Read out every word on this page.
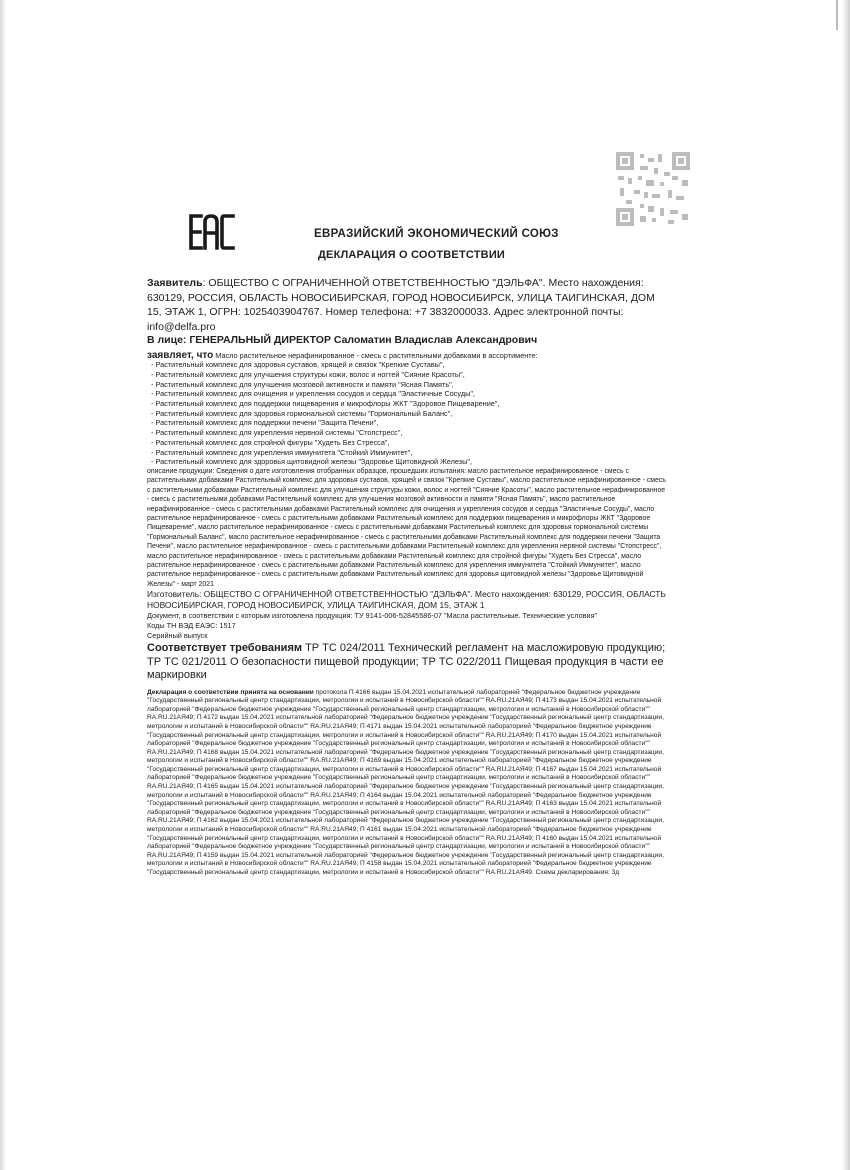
ЕВРАЗИЙСКИЙ ЭКОНОМИЧЕСКИЙ СОЮЗ
ДЕКЛАРАЦИЯ О СООТВЕТСТВИИ

Заявитель: ОБЩЕСТВО С ОГРАНИЧЕННОЙ ОТВЕТСТВЕННОСТЬЮ "ДЭЛЬФА". Место нахождения: 630129, РОССИЯ, ОБЛАСТЬ НОВОСИБИРСКАЯ, ГОРОД НОВОСИБИРСК, УЛИЦА ТАИГИНСКАЯ, ДОМ 15, ЭТАЖ 1, ОГРН: 1025403904767. Номер телефона: +7 3832000033. Адрес электронной почты: info@delfa.pro

В лице: ГЕНЕРАЛЬНЫЙ ДИРЕКТОР Саломатин Владислав Александрович

заявляет, что Масло растительное нерафинированное - смесь с растительными добавками в ассортименте:

- Растительный комплекс для здоровья суставов, хрящей и связок "Крепкие Суставы",

- Растительный комплекс для улучшения структуры кожи, волос и ногтей "Сияние Красоты",

- Растительный комплекс для улучшения мозговой активности и памяти "Ясная Память",

- Растительный комплекс для очищения и укрепления сосудов и сердца "Эластичные Сосуды",

- Растительный комплекс для поддержки пищеварения и микрофлоры ЖКТ "Здоровое Пищеварение",

- Растительный комплекс для здоровья гормональной системы "Гормональный Баланс",

- Растительный комплекс для поддержки печени "Защита Печени",

- Растительный комплекс для укрепления нервной системы "Стопстресс",

- Растительный комплекс для стройной фигуры "Худеть Без Стресса",

- Растительный комплекс для укрепления иммунитета "Стойкий Иммунитет",

- Растительный комплекс для здоровья щитовидной железы "Здоровье Щитовидной Железы",

описание продукции: Сведения о дате изготовления отобранных образцов, прошедших испытания: масло растительное нерафинированное - смесь с растительными добавками Растительный комплекс для здоровья суставов, хрящей и связок "Крепкие Суставы", масло растительное нерафинированное - смесь с растительными добавками Растительный комплекс для улучшения структуры кожи, волос и ногтей "Сияние Красоты", масло растительное нерафинированное - смесь с растительными добавками Растительный комплекс для улучшения мозговой активности и памяти "Ясная Память", масло растительное нерафинированное - смесь с растительными добавками Растительный комплекс для очищения и укрепления сосудов и сердца "Эластичные Сосуды", масло растительное нерафинированное - смесь с растительными добавками Растительный комплекс для поддержки пищеварения и микрофлоры ЖКТ "Здоровое Пищеварение", масло растительное нерафинированное - смесь с растительными добавками Растительный комплекс для здоровья гормональной системы "Гормональный Баланс", масло растительное нерафинированное - смесь с растительными добавками Растительный комплекс для поддержки печени "Защита Печени", масло растительное нерафинированное - смесь с растительными добавками Растительный комплекс для укрепления нервной системы "Стопстресс", масло растительное нерафинированное - смесь с растительными добавками Растительный комплекс для стройной фигуры "Худеть Без Стресса", масло растительное нерафинированное - смесь с растительными добавками Растительный комплекс для укрепления иммунитета "Стойкий Иммунитет", масло растительное нерафинированное - смесь с растительными добавками Растительный комплекс для здоровья щитовидной железы "Здоровье Щитовидной Железы" - март 2021

Изготовитель: ОБЩЕСТВО С ОГРАНИЧЕННОЙ ОТВЕТСТВЕННОСТЬЮ "ДЭЛЬФА". Место нахождения: 630129, РОССИЯ, ОБЛАСТЬ НОВОСИБИРСКАЯ, ГОРОД НОВОСИБИРСК, УЛИЦА ТАИГИНСКАЯ, ДОМ 15, ЭТАЖ 1

Документ, в соответствии с которым изготовлена продукция: ТУ 9141-006-52845586-07 "Масла растительные. Технические условия"

Коды ТН ВЭД ЕАЭС: 1517

Серийный выпуск

Соответствует требованиям ТР ТС 024/2011 Технический регламент на масложировую продукцию; ТР ТС 021/2011 О безопасности пищевой продукции; ТР ТС 022/2011 Пищевая продукция в части ее маркировки

Декларация о соответствии принята на основании протокола П 4166 выдан 15.04.2021 испытательной лабораторией "Федеральное бюджетное учреждение "Государственный региональный центр стандартизации, метрологии и испытаний в Новосибирской области"" RA.RU.21АЯ49; П 4173 выдан 15.04.2021 испытательной лабораторией "Федеральное бюджетное учреждение "Государственный региональный центр стандартизации, метрологии и испытаний в Новосибирской области"" RA.RU.21АЯ49; П 4172 выдан 15.04.2021 испытательной лабораторией "Федеральное бюджетное учреждение "Государственный региональный центр стандартизации, метрологии и испытаний в Новосибирской области"" RA.RU.21АЯ49; П 4171 выдан 15.04.2021 испытательной лабораторией "Федеральное бюджетное учреждение "Государственный региональный центр стандартизации, метрологии и испытаний в Новосибирской области"" RA.RU.21АЯ49; П 4170 выдан 15.04.2021 испытательной лабораторией "Федеральное бюджетное учреждение "Государственный региональный центр стандартизации, метрологии и испытаний в Новосибирской области"" RA.RU.21АЯ49; П 4168 выдан 15.04.2021 испытательной лабораторией "Федеральное бюджетное учреждение "Государственный региональный центр стандартизации, метрологии и испытаний в Новосибирской области"" RA.RU.21АЯ49; П 4169 выдан 15.04.2021 испытательной лабораторией "Федеральное бюджетное учреждение "Государственный региональный центр стандартизации, метрологии и испытаний в Новосибирской области"" RA.RU.21АЯ49; П 4167 выдан 15.04.2021 испытательной лабораторией "Федеральное бюджетное учреждение "Государственный региональный центр стандартизации, метрологии и испытаний в Новосибирской области"" RA.RU.21АЯ49; П 4165 выдан 15.04.2021 испытательной лабораторией "Федеральное бюджетное учреждение "Государственный региональный центр стандартизации, метрологии и испытаний в Новосибирской области"" RA.RU.21АЯ49; П 4164 выдан 15.04.2021 испытательной лабораторией "Федеральное бюджетное учреждение "Государственный региональный центр стандартизации, метрологии и испытаний в Новосибирской области"" RA.RU.21АЯ49; П 4163 выдан 15.04.2021 испытательной лабораторией "Федеральное бюджетное учреждение "Государственный региональный центр стандартизации, метрологии и испытаний в Новосибирской области"" RA.RU.21АЯ49; П 4162 выдан 15.04.2021 испытательной лабораторией "Федеральное бюджетное учреждение "Государственный региональный центр стандартизации, метрологии и испытаний в Новосибирской области"" RA.RU.21АЯ49; П 4161 выдан 15.04.2021 испытательной лабораторией "Федеральное бюджетное учреждение "Государственный региональный центр стандартизации, метрологии и испытаний в Новосибирской области"" RA.RU.21АЯ49; П 4160 выдан 15.04.2021 испытательной лабораторией "Федеральное бюджетное учреждение "Государственный региональный центр стандартизации, метрологии и испытаний в Новосибирской области"" RA.RU.21АЯ49; П 4159 выдан 15.04.2021 испытательной лабораторией "Федеральное бюджетное учреждение "Государственный региональный центр стандартизации, метрологии и испытаний в Новосибирской области"" RA.RU.21АЯ49; П 4158 выдан 15.04.2021 испытательной лабораторией "Федеральное бюджетное учреждение "Государственный региональный центр стандартизации, метрологии и испытаний в Новосибирской области"" RA.RU.21АЯ49. Схема декларирования: 3д
